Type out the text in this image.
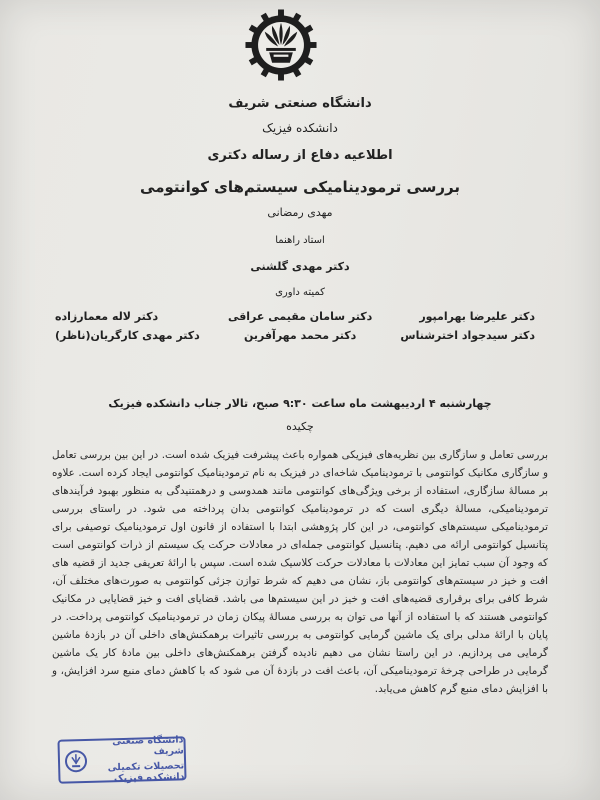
دانشگاه صنعتی شریف
دانشکده فیزیک
اطلاعیه دفاع از رساله دکتری
بررسی ترمودینامیکی سیستم‌های کوانتومی
مهدی رمضانی
استاد راهنما
دکتر مهدی گلشنی
کمیته داوری
دکتر علیرضا بهرامپور
دکتر سیدجواد اخترشناس
دکتر سامان مقیمی عراقی
دکتر محمد مهرآفرین
دکتر لاله معمارزاده
دکتر مهدی کارگریان(ناظر)
چهارشنبه ۴ اردیبهشت ماه ساعت ۹:۳۰ صبح، تالار جناب دانشکده فیزیک
چکیده
بررسی تعامل و سازگاری بین نظریه‌های فیزیکی همواره باعث پیشرفت فیزیک شده است. در این بین بررسی تعامل و سازگاری مکانیک کوانتومی با ترمودینامیک شاخه‌ای در فیزیک به نام ترمودینامیک کوانتومی ایجاد کرده است. علاوه بر مسالهٔ سازگاری، استفاده از برخی ویژگی‌های کوانتومی مانند همدوسی و درهمتنیدگی به منظور بهبود فرآیندهای ترمودینامیکی، مسالهٔ دیگری است که در ترمودینامیک کوانتومی بدان پرداخته می شود. در راستای بررسی ترمودینامیکی سیستم‌های کوانتومی، در این کار پژوهشی ابتدا با استفاده از قانون اول ترمودینامیک توصیفی برای پتانسیل کوانتومی ارائه می دهیم. پتانسیل کوانتومی جمله‌ای در معادلات حرکت یک سیستم از ذرات کوانتومی است که وجود آن سبب تمایز این معادلات با معادلات حرکت کلاسیک شده است. سپس با ارائهٔ تعریفی جدید از قضیه های افت و خیز در سیستم‌های کوانتومی باز، نشان می دهیم که شرط توازن جزئی کوانتومی به صورت‌های مختلف آن، شرط کافی برای برقراری قضیه‌های افت و خیز در این سیستم‌ها می باشد. قضایای افت و خیز قضایایی در مکانیک کوانتومی هستند که با استفاده از آنها می توان به بررسی مسالهٔ پیکان زمان در ترمودینامیک کوانتومی پرداخت. در پایان با ارائهٔ مدلی برای یک ماشین گرمایی کوانتومی به بررسی تاثیرات برهمکنش‌های داخلی آن در بازدهٔ ماشین گرمایی می پردازیم. در این راستا نشان می دهیم نادیده گرفتن برهمکنش‌های داخلی بین مادهٔ کار یک ماشین گرمایی در طراحی چرخهٔ ترمودینامیکی آن، باعث افت در بازدهٔ آن می شود که با کاهش دمای منبع سرد افزایش، و با افزایش دمای منبع گرم کاهش می‌یابد.
دانشگاه صنعتی شریف
تحصیلات تکمیلی دانشکده فیزیک
